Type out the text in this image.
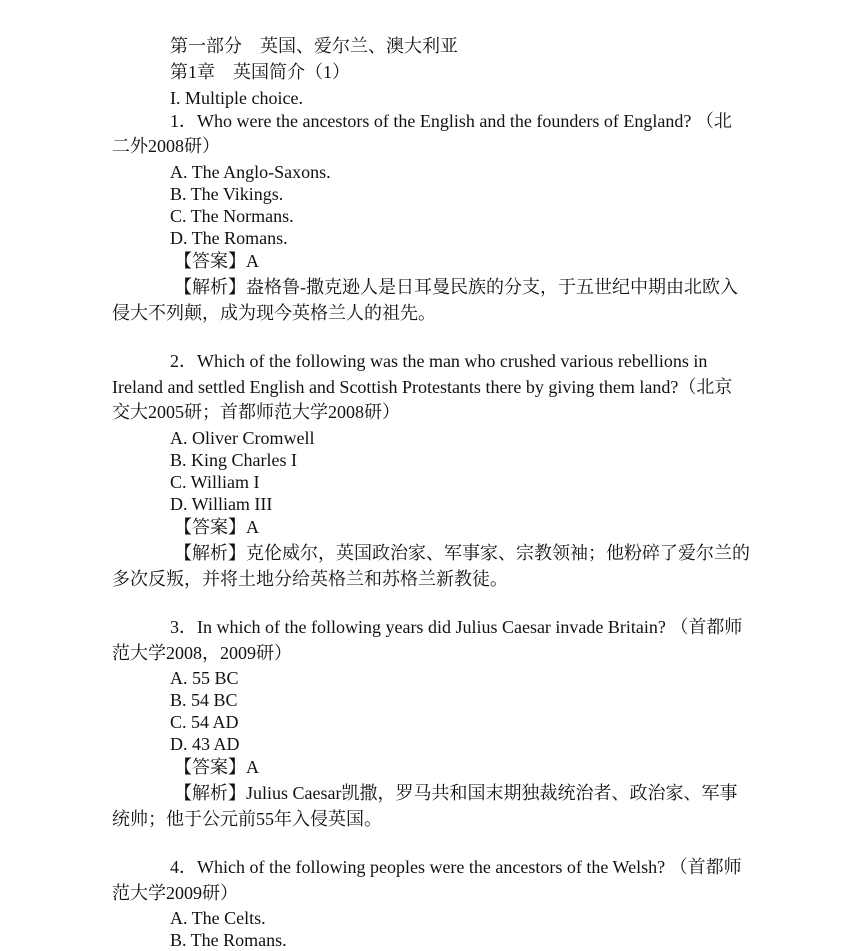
第一部分　英国、爱尔兰、澳大利亚
第1章　英国简介（1）
I. Multiple choice.
1．Who were the ancestors of the English and the founders of England? （北
二外2008研）
A. The Anglo-Saxons.
B. The Vikings.
C. The Normans.
D. The Romans.
【答案】A
【解析】盎格鲁-撒克逊人是日耳曼民族的分支，于五世纪中期由北欧入
侵大不列颠，成为现今英格兰人的祖先。
2．Which of the following was the man who crushed various rebellions in
Ireland and settled English and Scottish Protestants there by giving them land?（北京
交大2005研；首都师范大学2008研）
A. Oliver Cromwell
B. King Charles I
C. William I
D. William III
【答案】A
【解析】克伦威尔，英国政治家、军事家、宗教领袖；他粉碎了爱尔兰的
多次反叛，并将土地分给英格兰和苏格兰新教徒。
3．In which of the following years did Julius Caesar invade Britain? （首都师
范大学2008，2009研）
A. 55 BC
B. 54 BC
C. 54 AD
D. 43 AD
【答案】A
【解析】Julius Caesar凯撒，罗马共和国末期独裁统治者、政治家、军事
统帅；他于公元前55年入侵英国。
4．Which of the following peoples were the ancestors of the Welsh? （首都师
范大学2009研）
A. The Celts.
B. The Romans.
